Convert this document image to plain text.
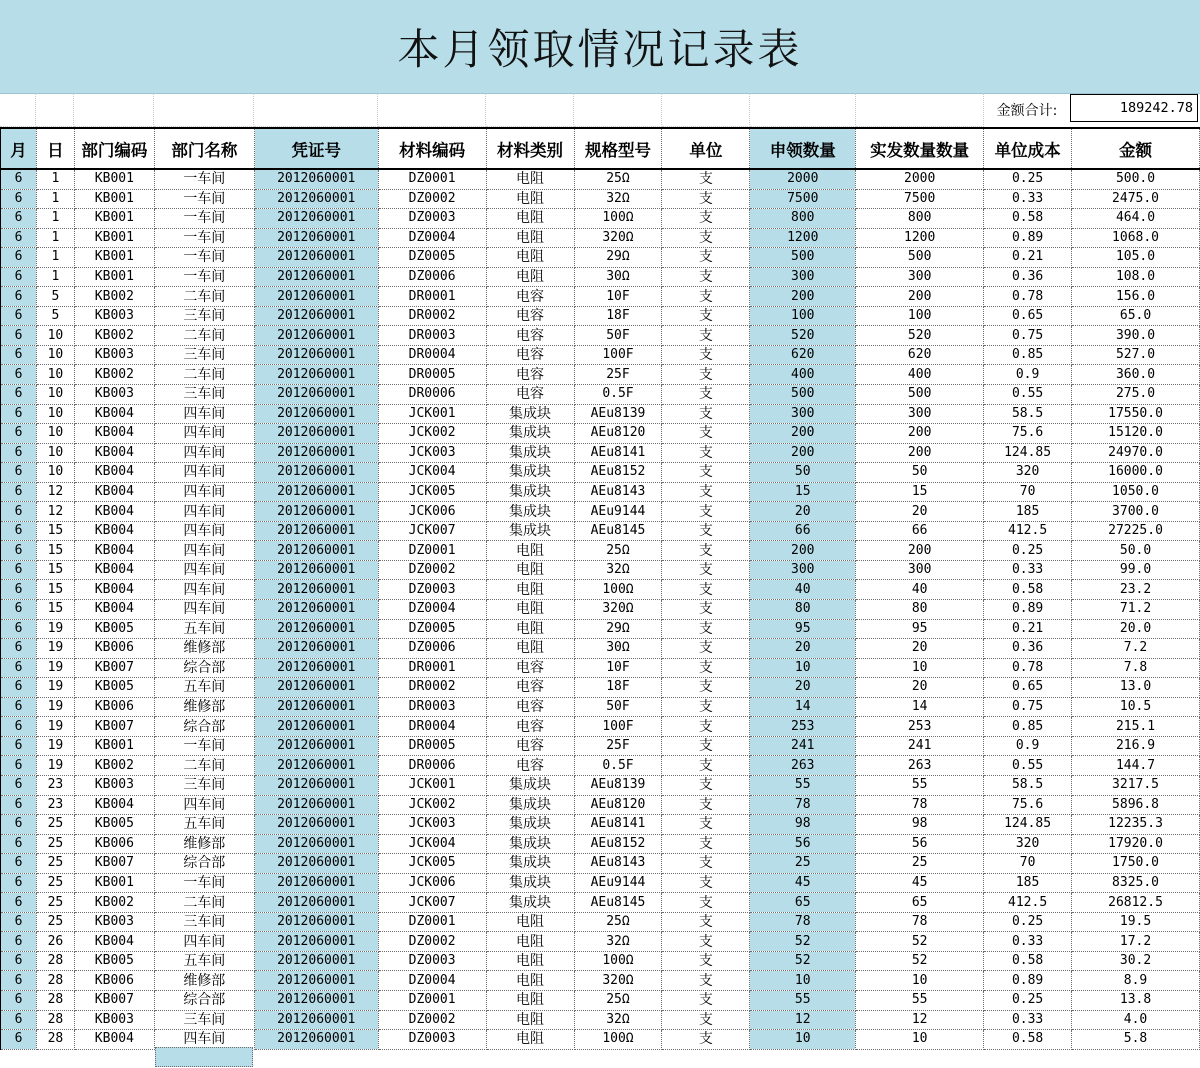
本月领取情况记录表
金额合计:	189242.78
月	日	部门编码	部门名称	凭证号	材料编码	材料类别	规格型号	单位	申领数量	实发数量数量	单位成本	金额
6	1	KB001	一车间	2012060001	DZ0001	电阻	25Ω	支	2000	2000	0.25	500.0
6	1	KB001	一车间	2012060001	DZ0002	电阻	32Ω	支	7500	7500	0.33	2475.0
6	1	KB001	一车间	2012060001	DZ0003	电阻	100Ω	支	800	800	0.58	464.0
6	1	KB001	一车间	2012060001	DZ0004	电阻	320Ω	支	1200	1200	0.89	1068.0
6	1	KB001	一车间	2012060001	DZ0005	电阻	29Ω	支	500	500	0.21	105.0
6	1	KB001	一车间	2012060001	DZ0006	电阻	30Ω	支	300	300	0.36	108.0
6	5	KB002	二车间	2012060001	DR0001	电容	10F	支	200	200	0.78	156.0
6	5	KB003	三车间	2012060001	DR0002	电容	18F	支	100	100	0.65	65.0
6	10	KB002	二车间	2012060001	DR0003	电容	50F	支	520	520	0.75	390.0
6	10	KB003	三车间	2012060001	DR0004	电容	100F	支	620	620	0.85	527.0
6	10	KB002	二车间	2012060001	DR0005	电容	25F	支	400	400	0.9	360.0
6	10	KB003	三车间	2012060001	DR0006	电容	0.5F	支	500	500	0.55	275.0
6	10	KB004	四车间	2012060001	JCK001	集成块	AEu8139	支	300	300	58.5	17550.0
6	10	KB004	四车间	2012060001	JCK002	集成块	AEu8120	支	200	200	75.6	15120.0
6	10	KB004	四车间	2012060001	JCK003	集成块	AEu8141	支	200	200	124.85	24970.0
6	10	KB004	四车间	2012060001	JCK004	集成块	AEu8152	支	50	50	320	16000.0
6	12	KB004	四车间	2012060001	JCK005	集成块	AEu8143	支	15	15	70	1050.0
6	12	KB004	四车间	2012060001	JCK006	集成块	AEu9144	支	20	20	185	3700.0
6	15	KB004	四车间	2012060001	JCK007	集成块	AEu8145	支	66	66	412.5	27225.0
6	15	KB004	四车间	2012060001	DZ0001	电阻	25Ω	支	200	200	0.25	50.0
6	15	KB004	四车间	2012060001	DZ0002	电阻	32Ω	支	300	300	0.33	99.0
6	15	KB004	四车间	2012060001	DZ0003	电阻	100Ω	支	40	40	0.58	23.2
6	15	KB004	四车间	2012060001	DZ0004	电阻	320Ω	支	80	80	0.89	71.2
6	19	KB005	五车间	2012060001	DZ0005	电阻	29Ω	支	95	95	0.21	20.0
6	19	KB006	维修部	2012060001	DZ0006	电阻	30Ω	支	20	20	0.36	7.2
6	19	KB007	综合部	2012060001	DR0001	电容	10F	支	10	10	0.78	7.8
6	19	KB005	五车间	2012060001	DR0002	电容	18F	支	20	20	0.65	13.0
6	19	KB006	维修部	2012060001	DR0003	电容	50F	支	14	14	0.75	10.5
6	19	KB007	综合部	2012060001	DR0004	电容	100F	支	253	253	0.85	215.1
6	19	KB001	一车间	2012060001	DR0005	电容	25F	支	241	241	0.9	216.9
6	19	KB002	二车间	2012060001	DR0006	电容	0.5F	支	263	263	0.55	144.7
6	23	KB003	三车间	2012060001	JCK001	集成块	AEu8139	支	55	55	58.5	3217.5
6	23	KB004	四车间	2012060001	JCK002	集成块	AEu8120	支	78	78	75.6	5896.8
6	25	KB005	五车间	2012060001	JCK003	集成块	AEu8141	支	98	98	124.85	12235.3
6	25	KB006	维修部	2012060001	JCK004	集成块	AEu8152	支	56	56	320	17920.0
6	25	KB007	综合部	2012060001	JCK005	集成块	AEu8143	支	25	25	70	1750.0
6	25	KB001	一车间	2012060001	JCK006	集成块	AEu9144	支	45	45	185	8325.0
6	25	KB002	二车间	2012060001	JCK007	集成块	AEu8145	支	65	65	412.5	26812.5
6	25	KB003	三车间	2012060001	DZ0001	电阻	25Ω	支	78	78	0.25	19.5
6	26	KB004	四车间	2012060001	DZ0002	电阻	32Ω	支	52	52	0.33	17.2
6	28	KB005	五车间	2012060001	DZ0003	电阻	100Ω	支	52	52	0.58	30.2
6	28	KB006	维修部	2012060001	DZ0004	电阻	320Ω	支	10	10	0.89	8.9
6	28	KB007	综合部	2012060001	DZ0001	电阻	25Ω	支	55	55	0.25	13.8
6	28	KB003	三车间	2012060001	DZ0002	电阻	32Ω	支	12	12	0.33	4.0
6	28	KB004	四车间	2012060001	DZ0003	电阻	100Ω	支	10	10	0.58	5.8
